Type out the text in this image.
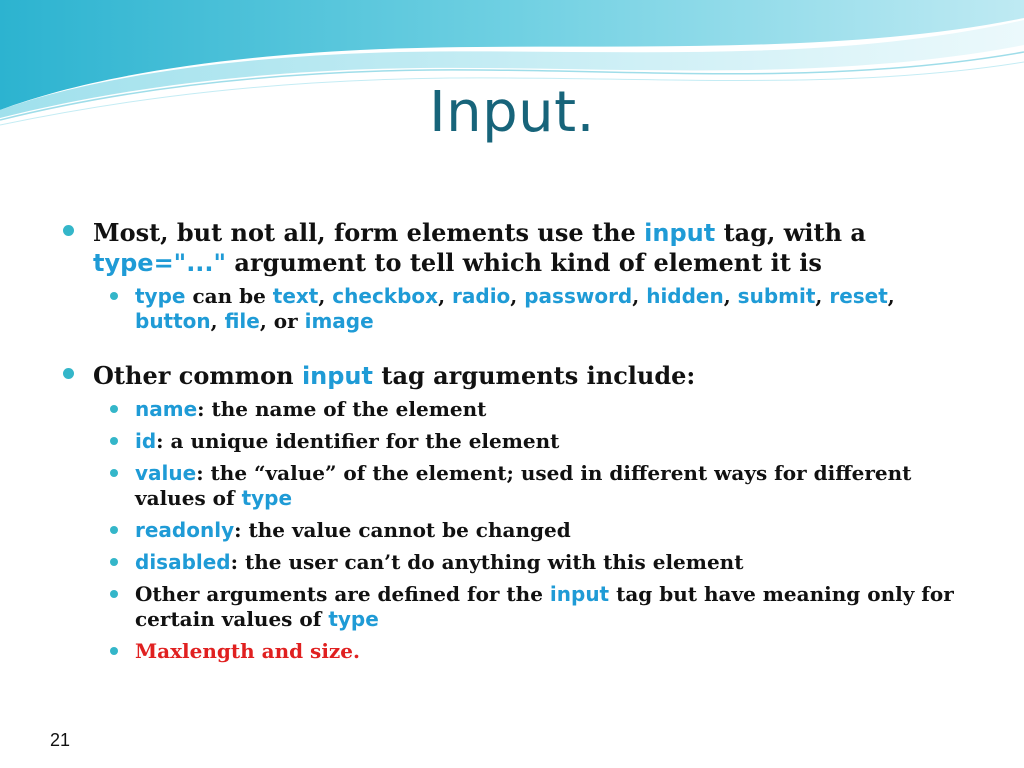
Input.
Most, but not all, form elements use the input tag, with a type="..." argument to tell which kind of element it is
type can be text, checkbox, radio, password, hidden, submit, reset, button, file, or image
Other common input tag arguments include:
name: the name of the element
id: a unique identifier for the element
value: the “value” of the element; used in different ways for different values of type
readonly: the value cannot be changed
disabled: the user can’t do anything with this element
Other arguments are defined for the input tag but have meaning only for certain values of type
Maxlength and size.
21
